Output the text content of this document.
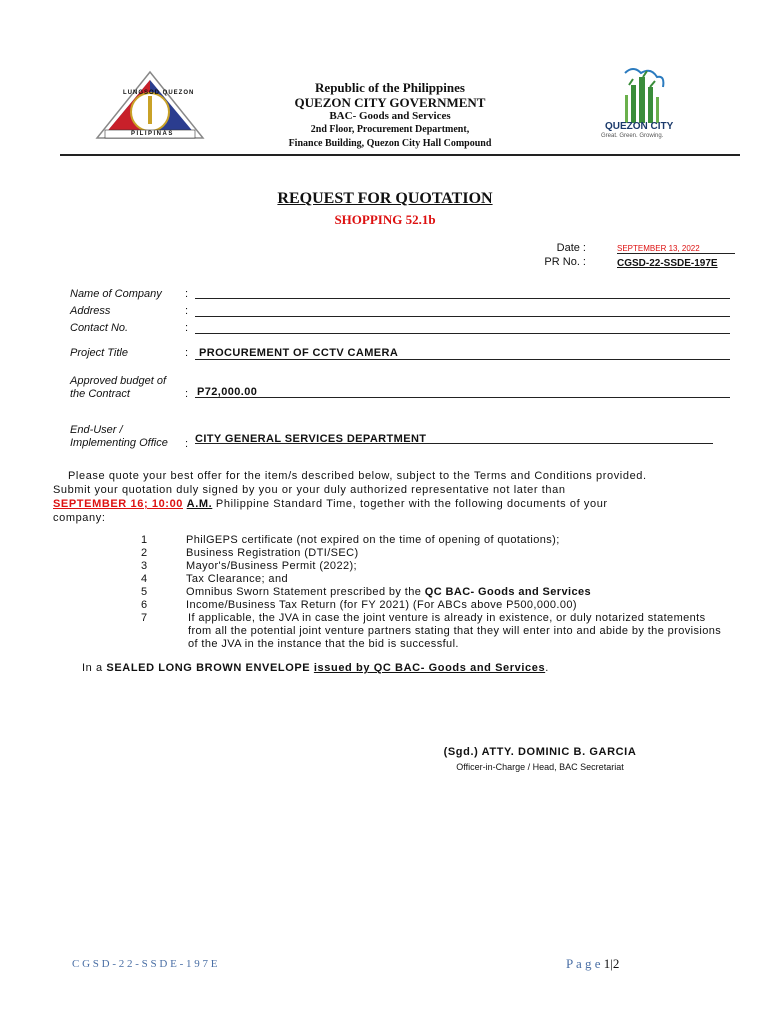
LUNGSOD QUEZON
PILIPINAS
QUEZON CITY
Great. Green. Growing.
Republic of the Philippines
QUEZON CITY GOVERNMENT
BAC- Goods and Services
2nd Floor, Procurement Department,
Finance Building, Quezon City Hall Compound
REQUEST FOR QUOTATION
SHOPPING 52.1b
Date :	SEPTEMBER 13, 2022
PR No. :	CGSD-22-SSDE-197E
Name of Company :
Address	:
Contact No.	:
Project Title	: PROCUREMENT OF CCTV CAMERA
Approved budget of
the Contract	: P72,000.00
End-User /
Implementing Office : CITY GENERAL SERVICES DEPARTMENT
Please quote your best offer for the item/s described below, subject to the Terms and Conditions provided.
Submit your quotation duly signed by you or your duly authorized representative not later than
SEPTEMBER 16; 10:00 A.M. Philippine Standard Time, together with the following documents of your
company:
1	PhilGEPS certificate (not expired on the time of opening of quotations);
2	Business Registration (DTI/SEC)
3	Mayor's/Business Permit (2022);
4	Tax Clearance; and
5	Omnibus Sworn Statement prescribed by the QC BAC- Goods and Services
6	Income/Business Tax Return (for FY 2021) (For ABCs above P500,000.00)
7	If applicable, the JVA in case the joint venture is already in existence, or duly notarized statements from all the potential joint venture partners stating that they will enter into and abide by the provisions of the JVA in the instance that the bid is successful.
In a SEALED LONG BROWN ENVELOPE issued by QC BAC- Goods and Services.
(Sgd.) ATTY. DOMINIC B. GARCIA
Officer-in-Charge / Head, BAC Secretariat
C G S D - 2 2 - S S D E - 1 9 7 E	P a g e 1|2
